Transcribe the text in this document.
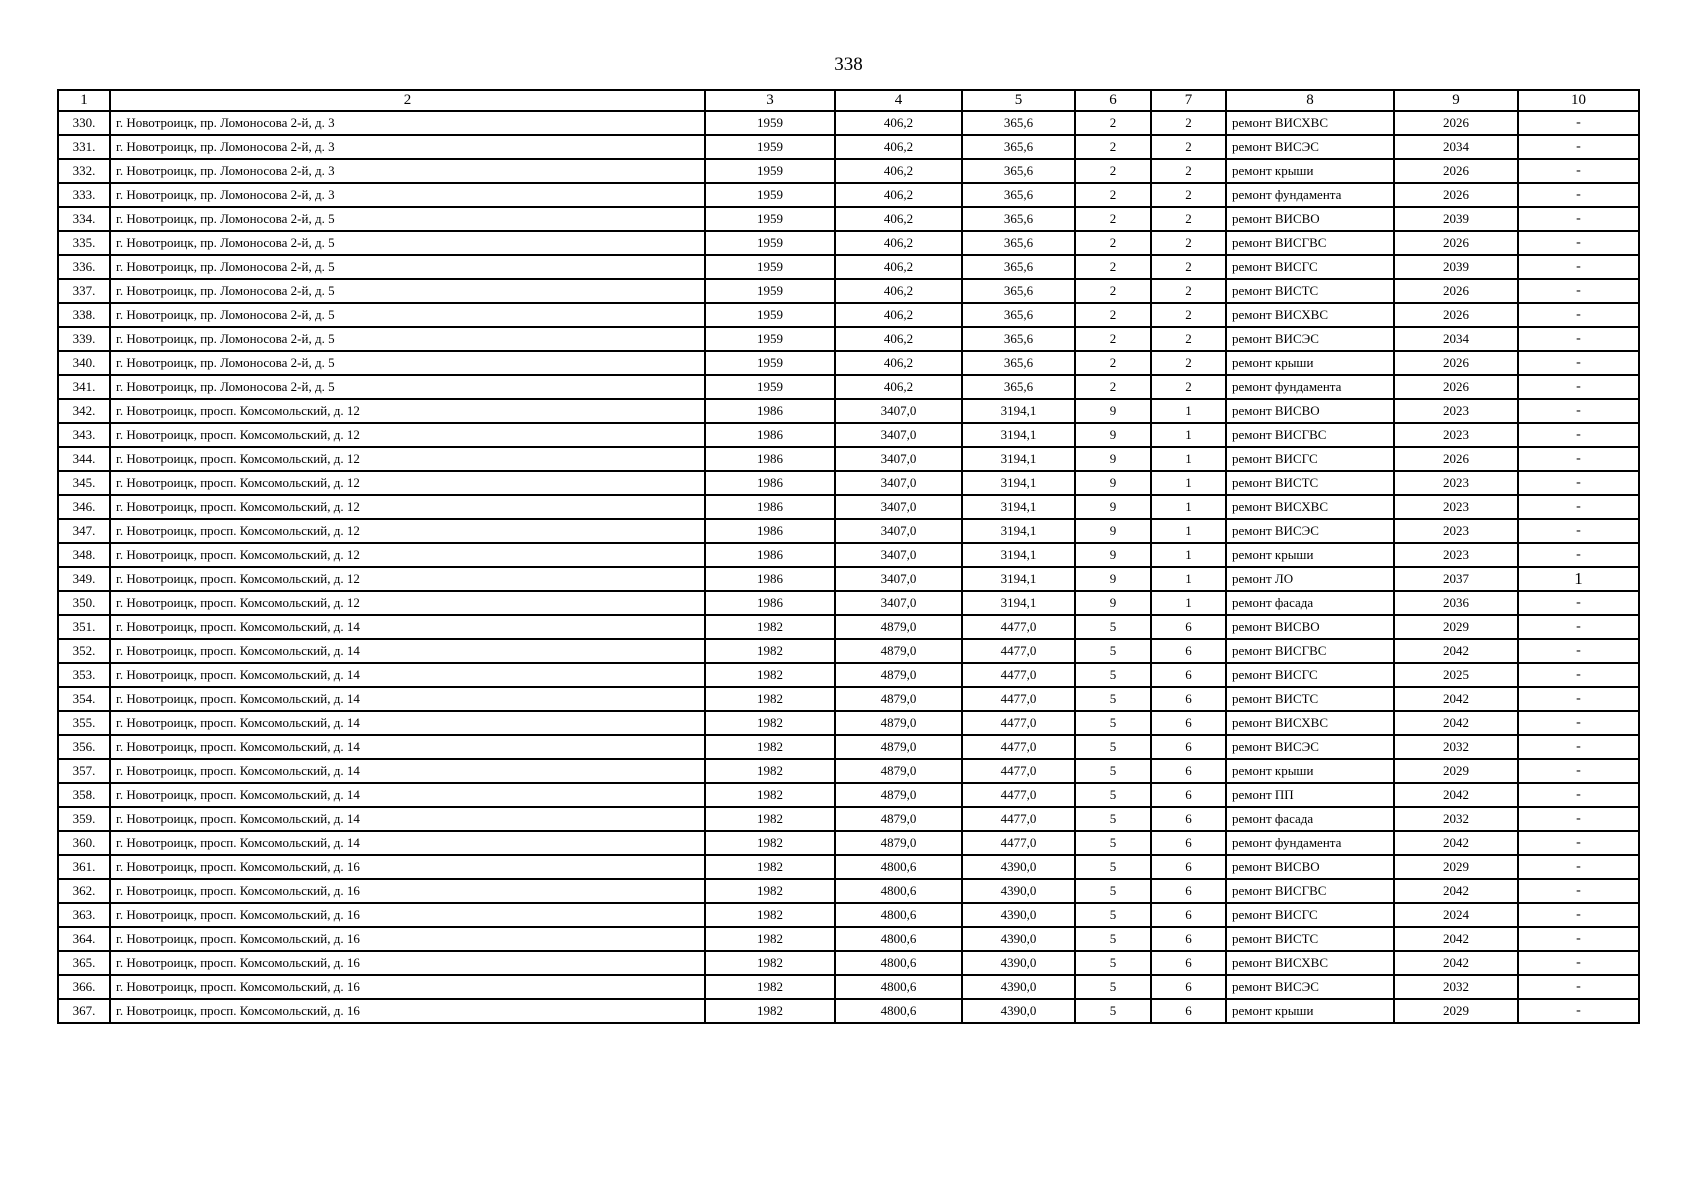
338
1	2	3	4	5	6	7	8	9	10
330.	г. Новотроицк, пр. Ломоносова 2-й, д. 3	1959	406,2	365,6	2	2	ремонт ВИСХВС	2026	-
331.	г. Новотроицк, пр. Ломоносова 2-й, д. 3	1959	406,2	365,6	2	2	ремонт ВИСЭС	2034	-
332.	г. Новотроицк, пр. Ломоносова 2-й, д. 3	1959	406,2	365,6	2	2	ремонт крыши	2026	-
333.	г. Новотроицк, пр. Ломоносова 2-й, д. 3	1959	406,2	365,6	2	2	ремонт фундамента	2026	-
334.	г. Новотроицк, пр. Ломоносова 2-й, д. 5	1959	406,2	365,6	2	2	ремонт ВИСВО	2039	-
335.	г. Новотроицк, пр. Ломоносова 2-й, д. 5	1959	406,2	365,6	2	2	ремонт ВИСГВС	2026	-
336.	г. Новотроицк, пр. Ломоносова 2-й, д. 5	1959	406,2	365,6	2	2	ремонт ВИСГС	2039	-
337.	г. Новотроицк, пр. Ломоносова 2-й, д. 5	1959	406,2	365,6	2	2	ремонт ВИСТС	2026	-
338.	г. Новотроицк, пр. Ломоносова 2-й, д. 5	1959	406,2	365,6	2	2	ремонт ВИСХВС	2026	-
339.	г. Новотроицк, пр. Ломоносова 2-й, д. 5	1959	406,2	365,6	2	2	ремонт ВИСЭС	2034	-
340.	г. Новотроицк, пр. Ломоносова 2-й, д. 5	1959	406,2	365,6	2	2	ремонт крыши	2026	-
341.	г. Новотроицк, пр. Ломоносова 2-й, д. 5	1959	406,2	365,6	2	2	ремонт фундамента	2026	-
342.	г. Новотроицк, просп. Комсомольский, д. 12	1986	3407,0	3194,1	9	1	ремонт ВИСВО	2023	-
343.	г. Новотроицк, просп. Комсомольский, д. 12	1986	3407,0	3194,1	9	1	ремонт ВИСГВС	2023	-
344.	г. Новотроицк, просп. Комсомольский, д. 12	1986	3407,0	3194,1	9	1	ремонт ВИСГС	2026	-
345.	г. Новотроицк, просп. Комсомольский, д. 12	1986	3407,0	3194,1	9	1	ремонт ВИСТС	2023	-
346.	г. Новотроицк, просп. Комсомольский, д. 12	1986	3407,0	3194,1	9	1	ремонт ВИСХВС	2023	-
347.	г. Новотроицк, просп. Комсомольский, д. 12	1986	3407,0	3194,1	9	1	ремонт ВИСЭС	2023	-
348.	г. Новотроицк, просп. Комсомольский, д. 12	1986	3407,0	3194,1	9	1	ремонт крыши	2023	-
349.	г. Новотроицк, просп. Комсомольский, д. 12	1986	3407,0	3194,1	9	1	ремонт ЛО	2037	1
350.	г. Новотроицк, просп. Комсомольский, д. 12	1986	3407,0	3194,1	9	1	ремонт фасада	2036	-
351.	г. Новотроицк, просп. Комсомольский, д. 14	1982	4879,0	4477,0	5	6	ремонт ВИСВО	2029	-
352.	г. Новотроицк, просп. Комсомольский, д. 14	1982	4879,0	4477,0	5	6	ремонт ВИСГВС	2042	-
353.	г. Новотроицк, просп. Комсомольский, д. 14	1982	4879,0	4477,0	5	6	ремонт ВИСГС	2025	-
354.	г. Новотроицк, просп. Комсомольский, д. 14	1982	4879,0	4477,0	5	6	ремонт ВИСТС	2042	-
355.	г. Новотроицк, просп. Комсомольский, д. 14	1982	4879,0	4477,0	5	6	ремонт ВИСХВС	2042	-
356.	г. Новотроицк, просп. Комсомольский, д. 14	1982	4879,0	4477,0	5	6	ремонт ВИСЭС	2032	-
357.	г. Новотроицк, просп. Комсомольский, д. 14	1982	4879,0	4477,0	5	6	ремонт крыши	2029	-
358.	г. Новотроицк, просп. Комсомольский, д. 14	1982	4879,0	4477,0	5	6	ремонт ПП	2042	-
359.	г. Новотроицк, просп. Комсомольский, д. 14	1982	4879,0	4477,0	5	6	ремонт фасада	2032	-
360.	г. Новотроицк, просп. Комсомольский, д. 14	1982	4879,0	4477,0	5	6	ремонт фундамента	2042	-
361.	г. Новотроицк, просп. Комсомольский, д. 16	1982	4800,6	4390,0	5	6	ремонт ВИСВО	2029	-
362.	г. Новотроицк, просп. Комсомольский, д. 16	1982	4800,6	4390,0	5	6	ремонт ВИСГВС	2042	-
363.	г. Новотроицк, просп. Комсомольский, д. 16	1982	4800,6	4390,0	5	6	ремонт ВИСГС	2024	-
364.	г. Новотроицк, просп. Комсомольский, д. 16	1982	4800,6	4390,0	5	6	ремонт ВИСТС	2042	-
365.	г. Новотроицк, просп. Комсомольский, д. 16	1982	4800,6	4390,0	5	6	ремонт ВИСХВС	2042	-
366.	г. Новотроицк, просп. Комсомольский, д. 16	1982	4800,6	4390,0	5	6	ремонт ВИСЭС	2032	-
367.	г. Новотроицк, просп. Комсомольский, д. 16	1982	4800,6	4390,0	5	6	ремонт крыши	2029	-
